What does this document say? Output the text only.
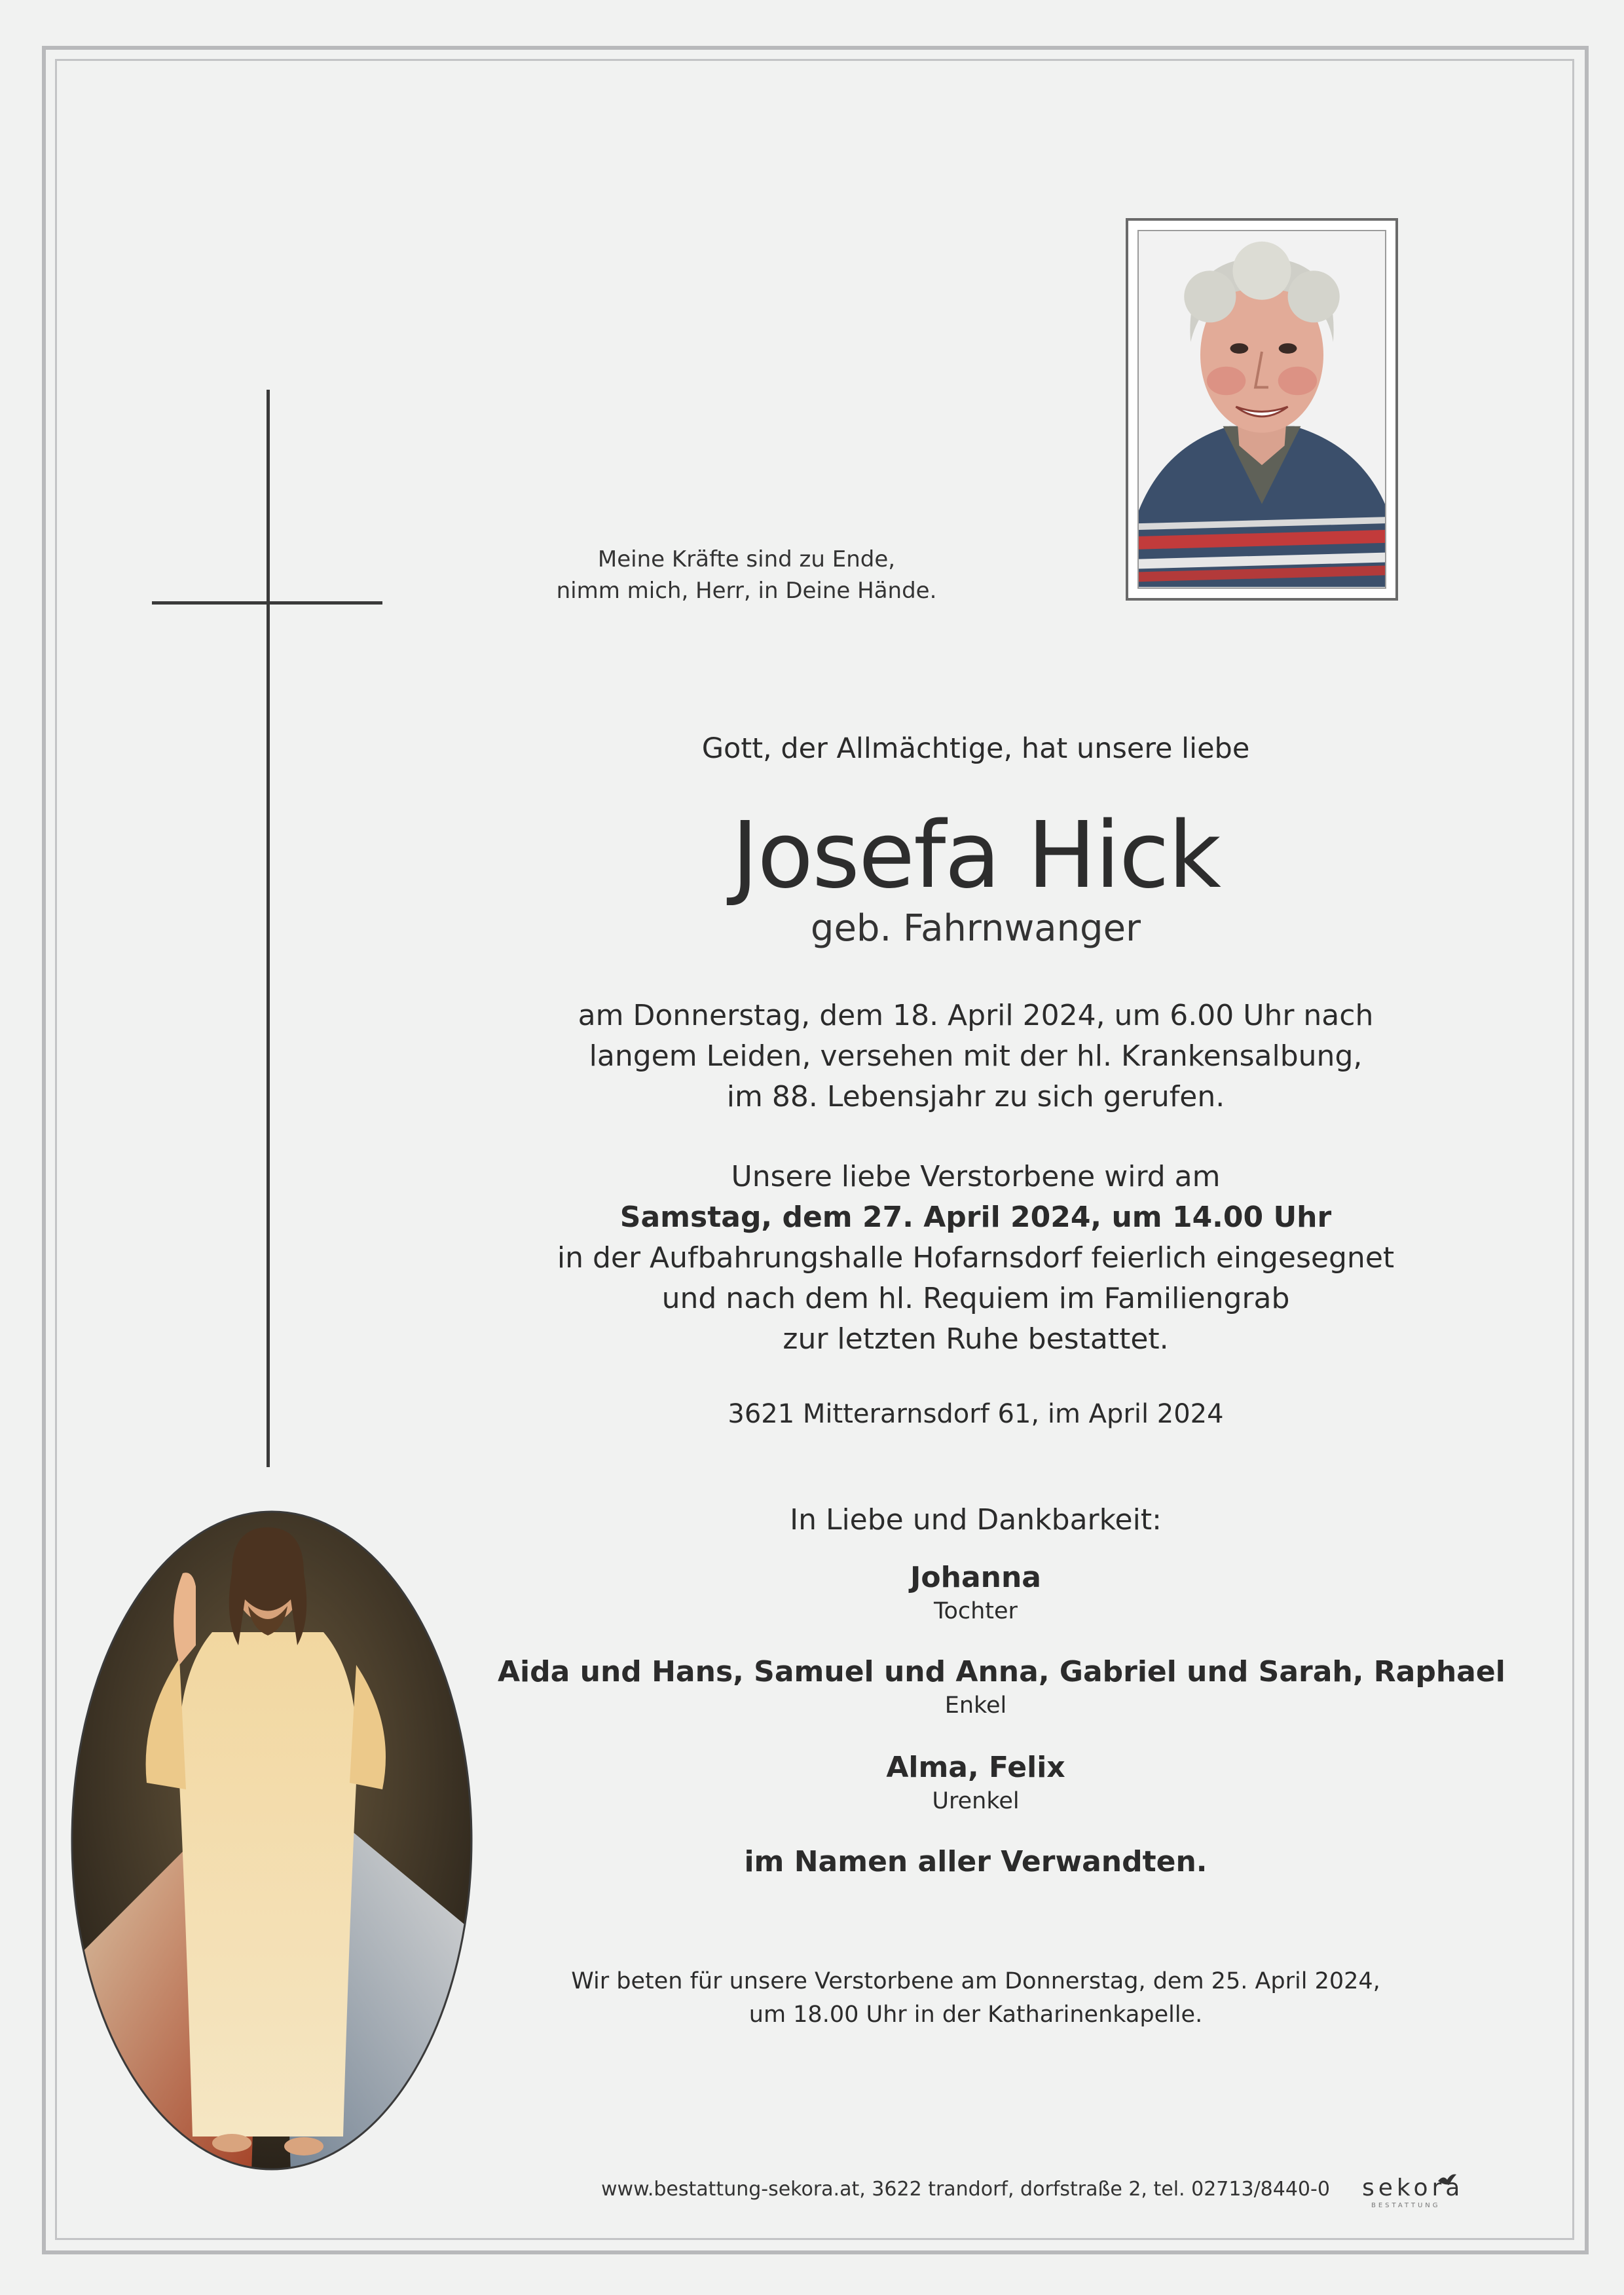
Meine Kräfte sind zu Ende,
nimm mich, Herr, in Deine Hände.
Gott, der Allmächtige, hat unsere liebe
Josefa Hick
geb. Fahrnwanger
am Donnerstag, dem 18. April 2024, um 6.00 Uhr nach
langem Leiden, versehen mit der hl. Krankensalbung,
im 88. Lebensjahr zu sich gerufen.
Unsere liebe Verstorbene wird am
Samstag, dem 27. April 2024, um 14.00 Uhr
in der Aufbahrungshalle Hofarnsdorf feierlich eingesegnet
und nach dem hl. Requiem im Familiengrab
zur letzten Ruhe bestattet.
3621 Mitterarnsdorf 61, im April 2024
In Liebe und Dankbarkeit:
Johanna
Tochter
Aida und Hans, Samuel und Anna, Gabriel und Sarah, Raphael
Enkel
Alma, Felix
Urenkel
im Namen aller Verwandten.
Wir beten für unsere Verstorbene am Donnerstag, dem 25. April 2024,
um 18.00 Uhr in der Katharinenkapelle.
www.bestattung-sekora.at, 3622 trandorf, dorfstraße 2, tel. 02713/8440-0 sekora
BESTATTUNG
